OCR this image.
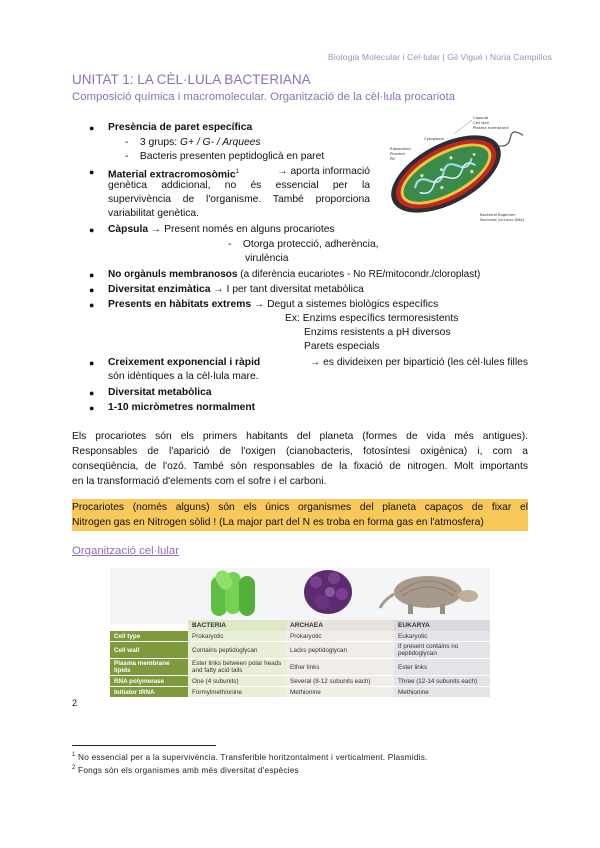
Biologia Molecular i Cel·lular | Gil Vigué i Núria Campillos
UNITAT 1: LA CÈL·LULA BACTERIANA
Composició química i macromolecular. Organització de la cèl·lula procariota
Capsule
Cell wall
Plasma membrane
Cytoplasm
Ribosomes
Plasmid
Pili
Bacterial flagellum
Nucleoid (circular DNA)
● Presència de paret específica
-    3 grups: G+ / G- / Arquees
-    Bacteris presenten peptidoglicà en paret
● Material extracromosòmic$^1$	→ aporta informació
genètica addicional, no és essencial per la
supervivència de l'organisme. També proporciona
variabilitat genètica.
● Càpsula → Present només en alguns procariotes
-    Otorga protecció, adherència,
virulència
● No orgànuls membranosos (a diferència eucariotes - No RE/mitocondr./cloroplast)
● Diversitat enzimàtica → I per tant diversitat metabòlica
● Presents en hàbitats extrems → Degut a sistemes biològics específics
Ex: Enzims específics termoresistents
Enzims resistents a pH diversos
Parets especials
● Creixement exponencial i ràpid	→ es divideixen per bipartició (les cèl·lules filles
són idèntiques a la cèl·lula mare.
● Diversitat metabòlica
● 1-10 micròmetres normalment
Els procariotes són els primers habitants del planeta (formes de vida més antigues).
Responsables de l'aparició de l'oxigen (cianobacteris, fotosíntesi oxigènica) i, com a
conseqüència, de l'ozó. També són responsables de la fixació de nitrogen. Molt importants
en la transformació d'elements com el sofre i el carboni.
Procariotes (només alguns) són els únics organismes del planeta capaços de fixar el
Nitrogen gas en Nitrogen sòlid ! (La major part del N es troba en forma gas en l'atmosfera)
Organització cel·lular
	BACTERIA	ARCHAEA	EUKARYA
Cell type	Prokaryotic	Prokaryotic	Eukaryotic
Cell wall	Contains peptidoglycan	Lacks peptidoglycan	If present contains no peptidoglycan
Plasma membrane lipids	Ester links between polar heads and fatty acid tails	Ether links	Ester links
RNA polymerase	One (4 subunits)	Several (8-12 subunits each)	Three (12-14 subunits each)
Initiator tRNA	Formylmethionine	Methionine	Methionine
2
$^1$ No essencial per a la supervivència. Transferible horitzontalment i verticalment. Plasmidis.
$^2$ Fongs són els organismes amb més diversitat d'espècies
